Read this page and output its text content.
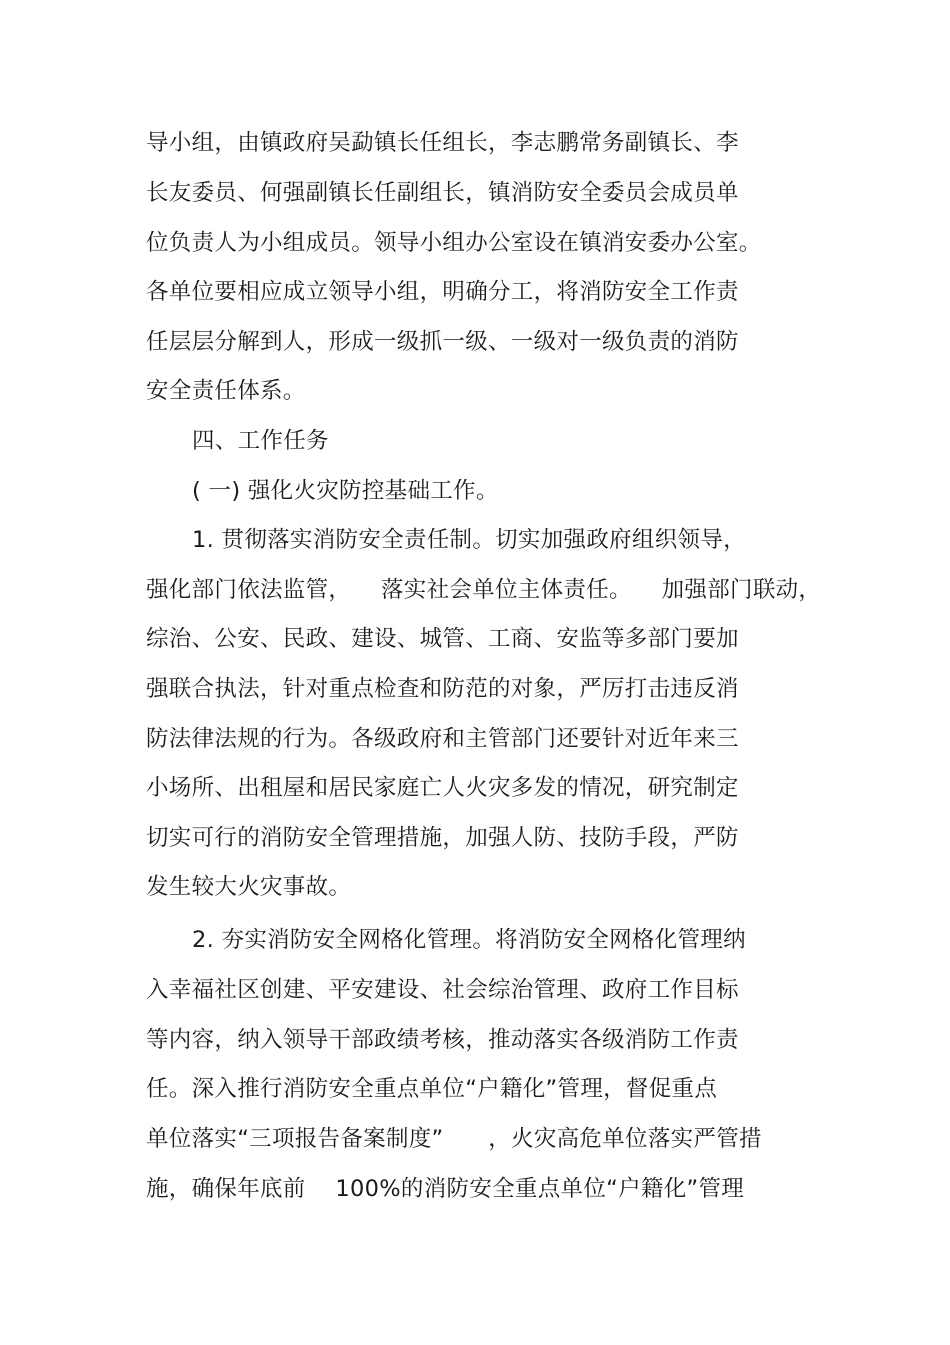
导小组，由镇政府吴勐镇长任组长，李志鹏常务副镇长、李
长友委员、何强副镇长任副组长，镇消防安全委员会成员单
位负责人为小组成员。领导小组办公室设在镇消安委办公室。
各单位要相应成立领导小组，明确分工，将消防安全工作责
任层层分解到人，形成一级抓一级、一级对一级负责的消防
安全责任体系。
四、工作任务
( 一) 强化火灾防控基础工作。
1. 贯彻落实消防安全责任制。切实加强政府组织领导，
强化部门依法监管，    落实社会单位主体责任。    加强部门联动，
综治、公安、民政、建设、城管、工商、安监等多部门要加
强联合执法，针对重点检查和防范的对象，严厉打击违反消
防法律法规的行为。各级政府和主管部门还要针对近年来三
小场所、出租屋和居民家庭亡人火灾多发的情况，研究制定
切实可行的消防安全管理措施，加强人防、技防手段，严防
发生较大火灾事故。
2. 夯实消防安全网格化管理。将消防安全网格化管理纳
入幸福社区创建、平安建设、社会综治管理、政府工作目标
等内容，纳入领导干部政绩考核，推动落实各级消防工作责
任。深入推行消防安全重点单位“户籍化”管理，督促重点
单位落实“三项报告备案制度”      ，火灾高危单位落实严管措
施，确保年底前    100%的消防安全重点单位“户籍化”管理
